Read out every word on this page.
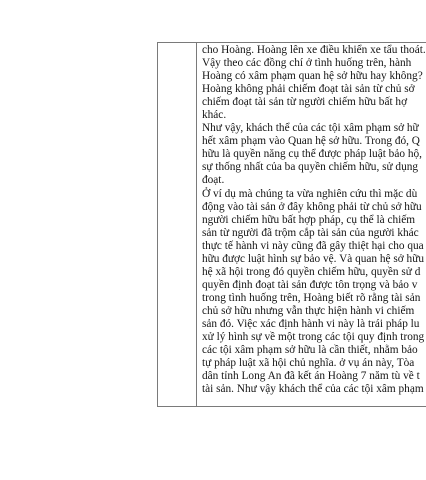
cho Hoàng. Hoàng lên xe điều khiển xe tẩu thoát.
Vậy theo các đồng chí ở tình huống trên, hành
Hoàng có xâm phạm quan hệ sở hữu hay không?
Hoàng không phải chiếm đoạt tài sản từ chủ sở
chiếm đoạt tài sản từ người chiếm hữu bất hợ
khác.
Như vậy, khách thể của các tội xâm phạm sở hữ
hết xâm phạm vào Quan hệ sở hữu. Trong đó, Q
hữu là quyền năng cụ thể được pháp luật bảo hộ,
sự thống nhất của ba quyền chiếm hữu, sử dụng
đoạt.
Ở ví dụ mà chúng ta vừa nghiên cứu thì mặc dù
động vào tài sản ở đây không phải từ chủ sở hữu
người chiếm hữu bất hợp pháp, cụ thể là chiếm
sản từ người đã trộm cắp tài sản của người khác
thực tế hành vi này cũng đã gây thiệt hại cho qua
hữu được luật hình sự bảo vệ. Và quan hệ sở hữu
hệ xã hội trong đó quyền chiếm hữu, quyền sử d
quyền định đoạt tài sản được tôn trọng và bảo v
trong tình huống trên, Hoàng biết rõ rằng tài sản
chủ sở hữu nhưng vẫn thực hiện hành vi chiếm
sản đó. Việc xác định hành vi này là trái pháp lu
xử lý hình sự về một trong các tội quy định trong
các tội xâm phạm sở hữu là cần thiết, nhằm bảo
tự pháp luật xã hội chủ nghĩa. ở vụ án này, Tòa
dân tỉnh Long An đã kết án Hoàng 7 năm tù về t
tài sản. Như vậy khách thể của các tội xâm phạm
